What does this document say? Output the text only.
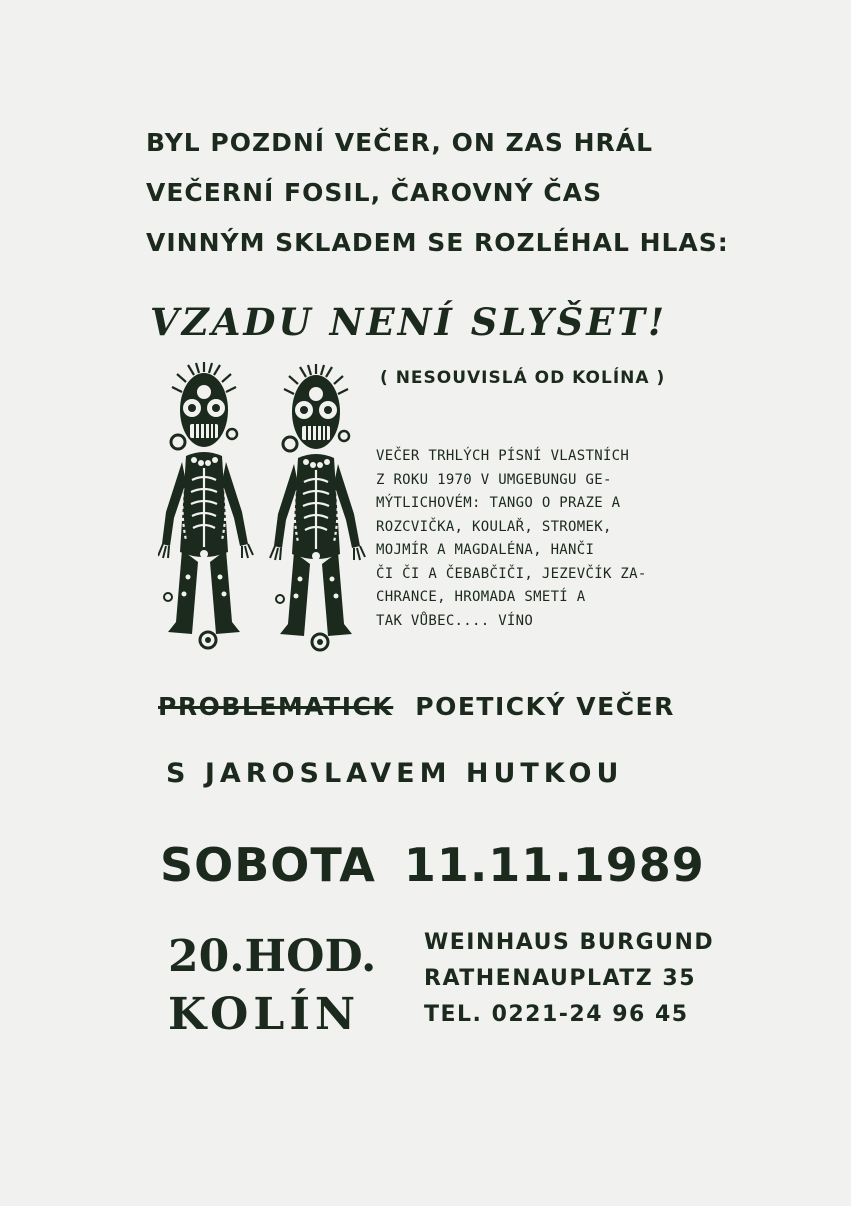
BYL POZDNÍ VEČER, ON ZAS HRÁL
VEČERNÍ FOSIL, ČAROVNÝ ČAS
VINNÝM SKLADEM SE ROZLÉHAL HLAS:
VZADU NENÍ SLYŠET!
( NESOUVISLÁ OD KOLÍNA )
VEČER TRHLÝCH PÍSNÍ VLASTNÍCH
Z ROKU 1970 V UMGEBUNGU GE-
MÝTLICHOVÉM: TANGO O PRAZE A
ROZCVIČKA, KOULAŘ, STROMEK,
MOJMÍR A MAGDALÉNA, HANČI
ČI ČI A ČEBABČIČI, JEZEVČÍK ZA-
CHRANCE, HROMADA SMETÍ A
TAK VŮBEC.... VÍNO
PROBLEMATICK POETICKÝ VEČER
S JAROSLAVEM HUTKOU
SOBOTA 11.11.1989
20.HOD.
KOLÍN
WEINHAUS BURGUND
RATHENAUPLATZ 35
TEL. 0221-24 96 45
